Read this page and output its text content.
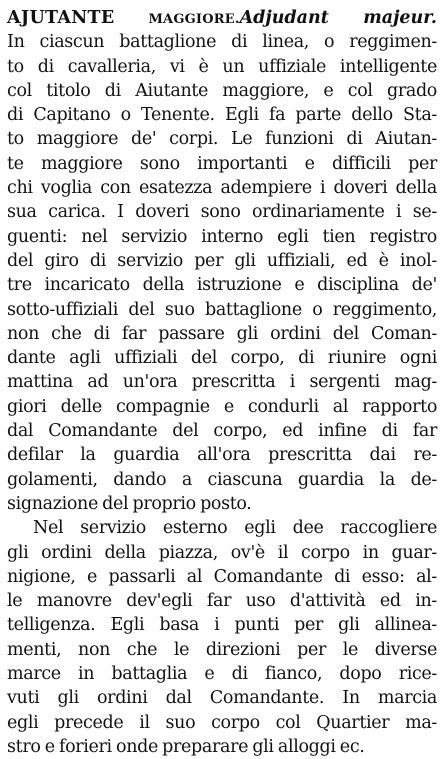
AJUTANTE	MAGGIORE.Adjudant majeur.
In ciascun battaglione di linea, o reggimen-
to di cavalleria, vi è un uffiziale intelligente
col titolo di Aiutante maggiore, e col grado
di Capitano o Tenente. Egli fa parte dello Sta-
to maggiore de' corpi. Le funzioni di Aiutan-
te maggiore sono importanti e difficili per
chi voglia con esatezza adempiere i doveri della
sua carica. I doveri sono ordinariamente i se-
guenti: nel servizio interno egli tien registro
del giro di servizio per gli uffiziali, ed è inol-
tre incaricato della istruzione e disciplina de'
sotto-uffiziali del suo battaglione o reggimento,
non che di far passare gli ordini del Coman-
dante agli uffiziali del corpo, di riunire ogni
mattina ad un'ora prescritta i sergenti mag-
giori delle compagnie e condurli al rapporto
dal Comandante del corpo, ed infine di far
defilar la guardia all'ora prescritta dai re-
golamenti, dando a ciascuna guardia la de-
signazione del proprio posto.
Nel servizio esterno egli dee raccogliere
gli ordini della piazza, ov'è il corpo in guar-
nigione, e passarli al Comandante di esso: al-
le manovre dev'egli far uso d'attività ed in-
telligenza. Egli basa i punti per gli allinea-
menti, non che le direzioni per le diverse
marce in battaglia e di fianco, dopo rice-
vuti gli ordini dal Comandante. In marcia
egli precede il suo corpo col Quartier ma-
stro e forieri onde preparare gli alloggi ec.
